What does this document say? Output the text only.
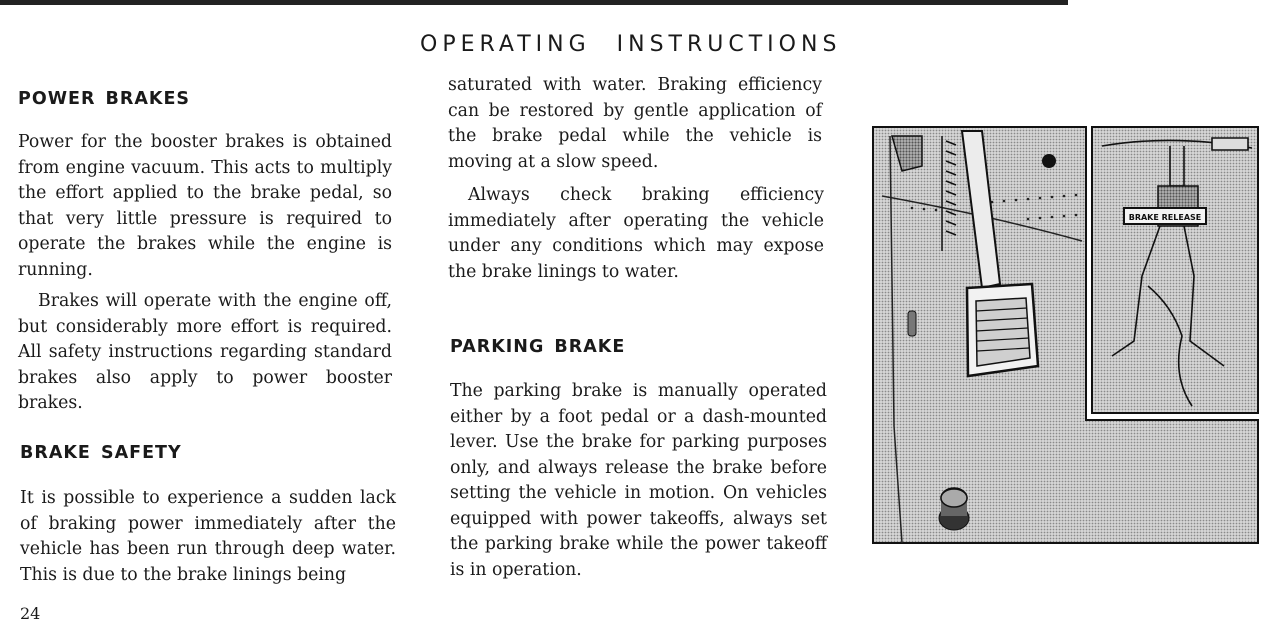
OPERATING INSTRUCTIONS
POWER BRAKES

Power for the booster brakes is obtained from engine vacuum. This acts to multiply the effort applied to the brake pedal, so that very little pressure is required to operate the brakes while the engine is running.

Brakes will operate with the engine off, but considerably more effort is required. All safety instructions regarding standard brakes also apply to power booster brakes.

BRAKE SAFETY

It is possible to experience a sudden lack of braking power immediately after the vehicle has been run through deep water. This is due to the brake linings being

24

saturated with water. Braking efficiency can be restored by gentle application of the brake pedal while the vehicle is moving at a slow speed.

Always check braking efficiency immediately after operating the vehicle under any conditions which may expose the brake linings to water.

PARKING BRAKE

The parking brake is manually operated either by a foot pedal or a dash-mounted lever. Use the brake for parking purposes only, and always release the brake before setting the vehicle in motion. On vehicles equipped with power takeoffs, always set the parking brake while the power takeoff is in operation.

BRAKE RELEASE
